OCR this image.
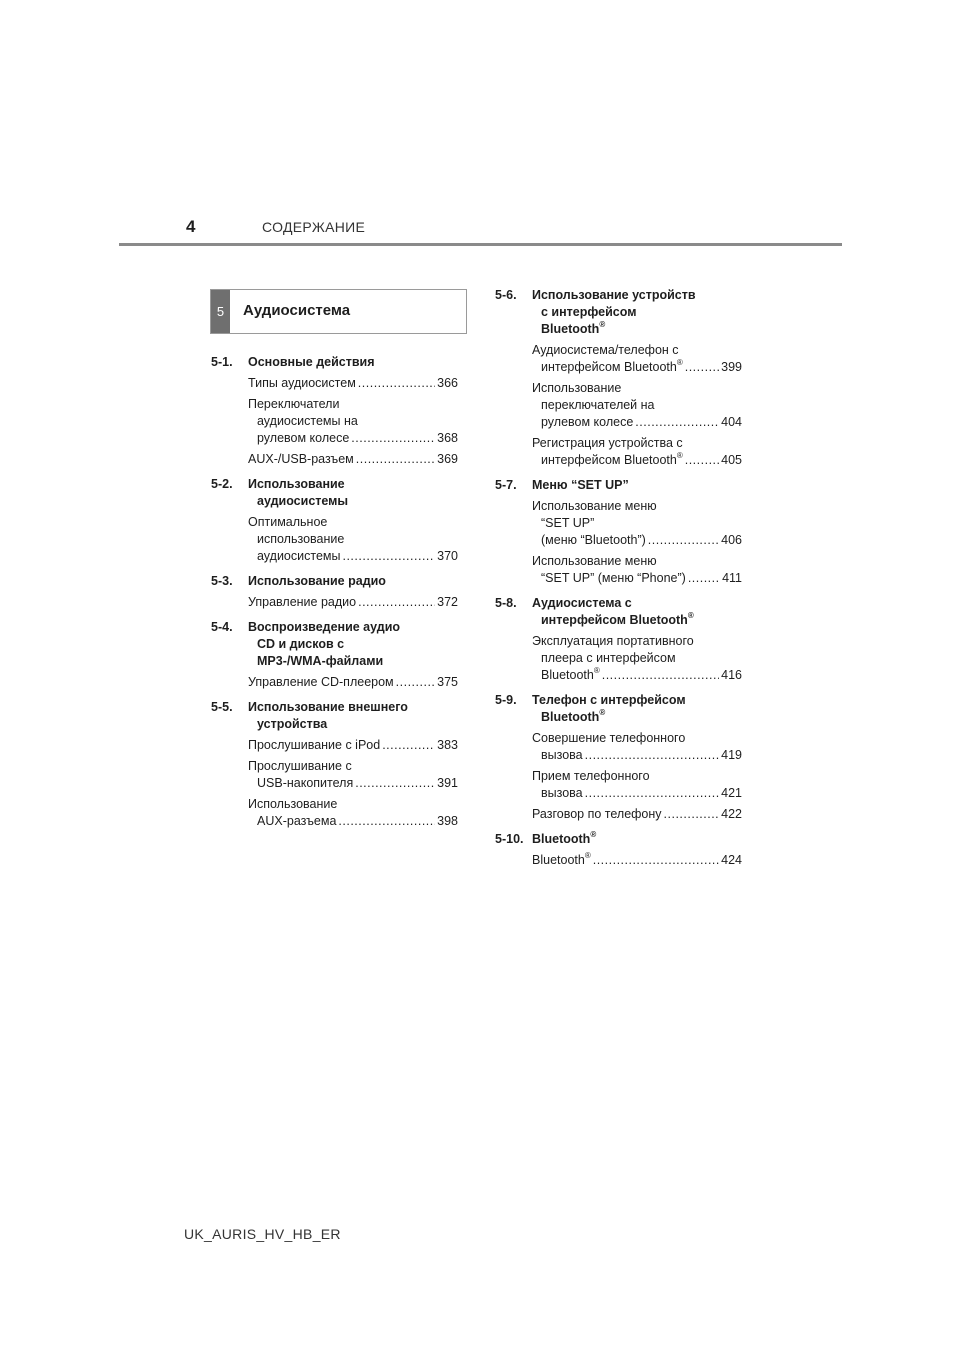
4	СОДЕРЖАНИЕ
5	Аудиосистема
5-1.	Основные действия
Типы аудиосистем .....	366
Переключатели
аудиосистемы на
рулевом колесе .....	368
AUX-/USB-разъем .....	369
5-2.	Использование
аудиосистемы
Оптимальное
использование
аудиосистемы .....	370
5-3.	Использование радио
Управление радио .....	372
5-4.	Воспроизведение аудио
CD и дисков с
MP3-/WMA-файлами
Управление CD-плеером .....	375
5-5.	Использование внешнего
устройства
Прослушивание с iPod .....	383
Прослушивание с
USB-накопителя .....	391
Использование
AUX-разъема .....	398
5-6.	Использование устройств
с интерфейсом
Bluetooth®
Аудиосистема/телефон с
интерфейсом Bluetooth® .....	399
Использование
переключателей на
рулевом колесе .....	404
Регистрация устройства с
интерфейсом Bluetooth® .....	405
5-7.	Меню “SET UP”
Использование меню
“SET UP”
(меню “Bluetooth”) .....	406
Использование меню
“SET UP” (меню “Phone”) .....	411
5-8.	Аудиосистема с
интерфейсом Bluetooth®
Эксплуатация портативного
плеера с интерфейсом
Bluetooth® .....	416
5-9.	Телефон с интерфейсом
Bluetooth®
Совершение телефонного
вызова .....	419
Прием телефонного
вызова .....	421
Разговор по телефону .....	422
5-10. Bluetooth®
Bluetooth® .....	424
UK_AURIS_HV_HB_ER
